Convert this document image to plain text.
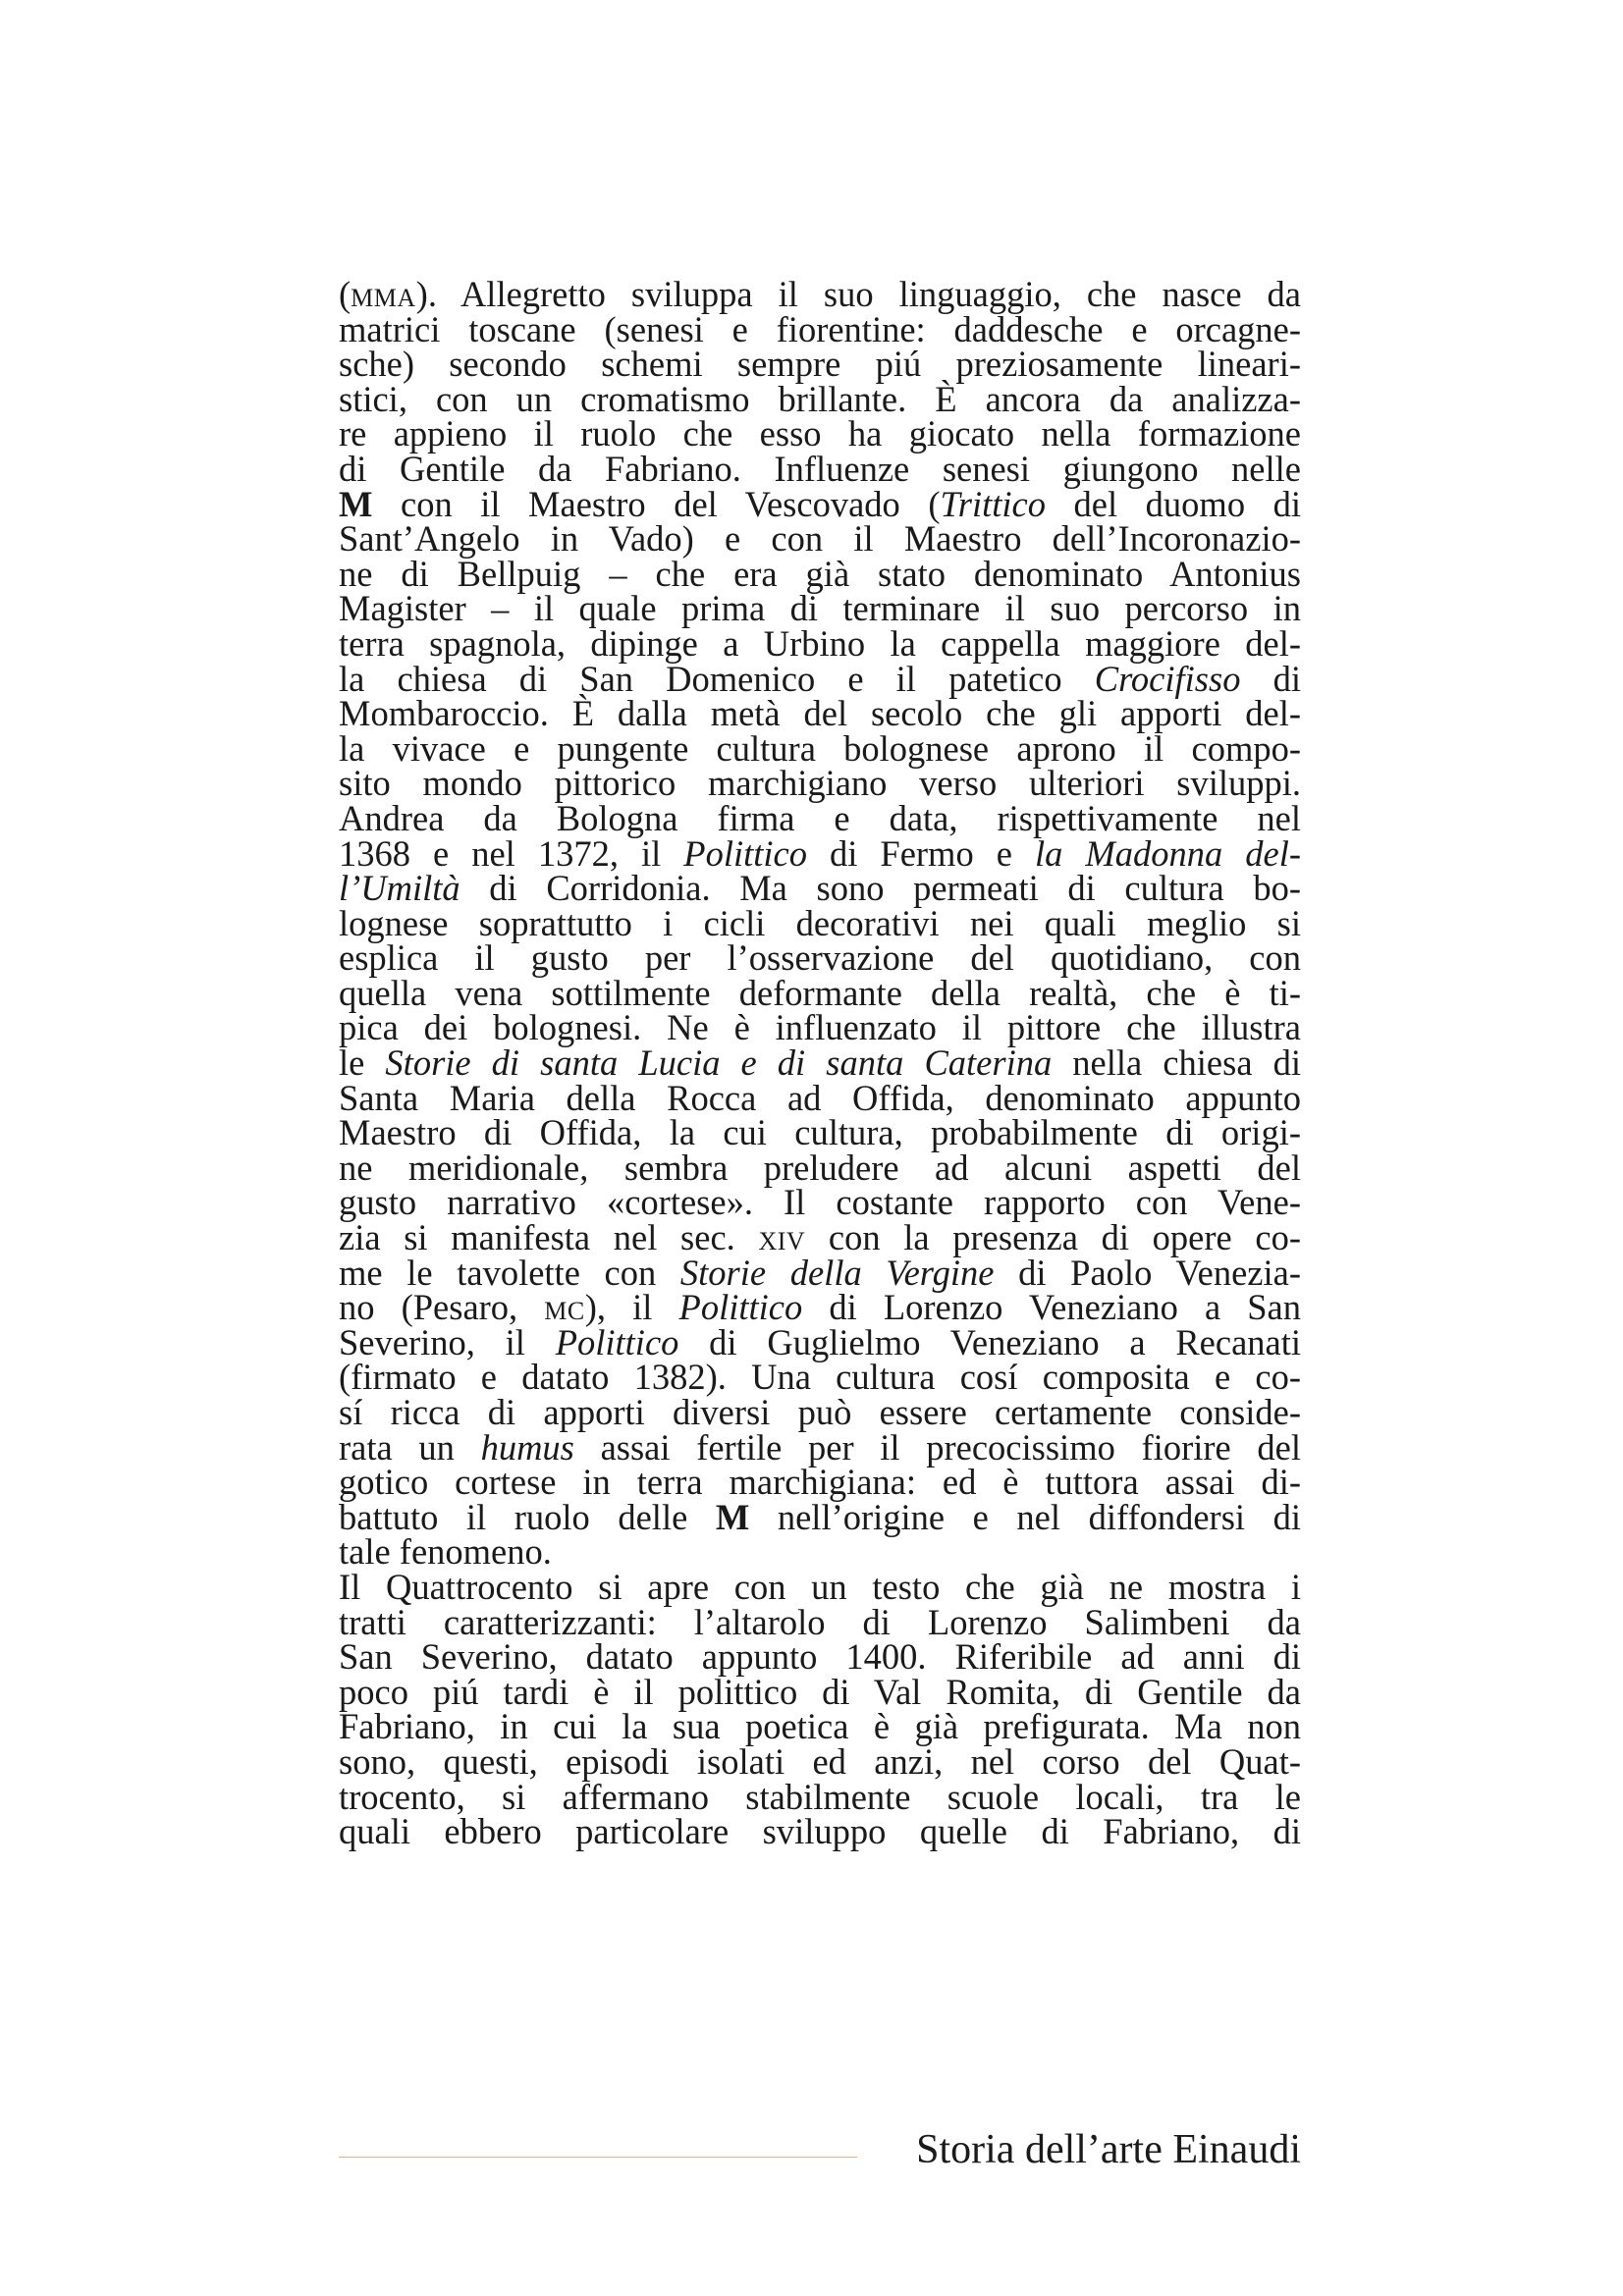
(mma). Allegretto sviluppa il suo linguaggio, che nasce da
matrici toscane (senesi e fiorentine: daddesche e orcagne-
sche) secondo schemi sempre piú preziosamente lineari-
stici, con un cromatismo brillante. È ancora da analizza-
re appieno il ruolo che esso ha giocato nella formazione
di Gentile da Fabriano. Influenze senesi giungono nelle
M con il Maestro del Vescovado (Trittico del duomo di
Sant’Angelo in Vado) e con il Maestro dell’Incoronazio-
ne di Bellpuig – che era già stato denominato Antonius
Magister – il quale prima di terminare il suo percorso in
terra spagnola, dipinge a Urbino la cappella maggiore del-
la chiesa di San Domenico e il patetico Crocifisso di
Mombaroccio. È dalla metà del secolo che gli apporti del-
la vivace e pungente cultura bolognese aprono il compo-
sito mondo pittorico marchigiano verso ulteriori sviluppi.
Andrea da Bologna firma e data, rispettivamente nel
1368 e nel 1372, il Polittico di Fermo e la Madonna del-
l’Umiltà di Corridonia. Ma sono permeati di cultura bo-
lognese soprattutto i cicli decorativi nei quali meglio si
esplica il gusto per l’osservazione del quotidiano, con
quella vena sottilmente deformante della realtà, che è ti-
pica dei bolognesi. Ne è influenzato il pittore che illustra
le Storie di santa Lucia e di santa Caterina nella chiesa di
Santa Maria della Rocca ad Offida, denominato appunto
Maestro di Offida, la cui cultura, probabilmente di origi-
ne meridionale, sembra preludere ad alcuni aspetti del
gusto narrativo «cortese». Il costante rapporto con Vene-
zia si manifesta nel sec. xiv con la presenza di opere co-
me le tavolette con Storie della Vergine di Paolo Venezia-
no (Pesaro, mc), il Polittico di Lorenzo Veneziano a San
Severino, il Polittico di Guglielmo Veneziano a Recanati
(firmato e datato 1382). Una cultura cosí composita e co-
sí ricca di apporti diversi può essere certamente conside-
rata un humus assai fertile per il precocissimo fiorire del
gotico cortese in terra marchigiana: ed è tuttora assai di-
battuto il ruolo delle M nell’origine e nel diffondersi di
tale fenomeno.
Il Quattrocento si apre con un testo che già ne mostra i
tratti caratterizzanti: l’altarolo di Lorenzo Salimbeni da
San Severino, datato appunto 1400. Riferibile ad anni di
poco piú tardi è il polittico di Val Romita, di Gentile da
Fabriano, in cui la sua poetica è già prefigurata. Ma non
sono, questi, episodi isolati ed anzi, nel corso del Quat-
trocento, si affermano stabilmente scuole locali, tra le
quali ebbero particolare sviluppo quelle di Fabriano, di
Storia dell’arte Einaudi
